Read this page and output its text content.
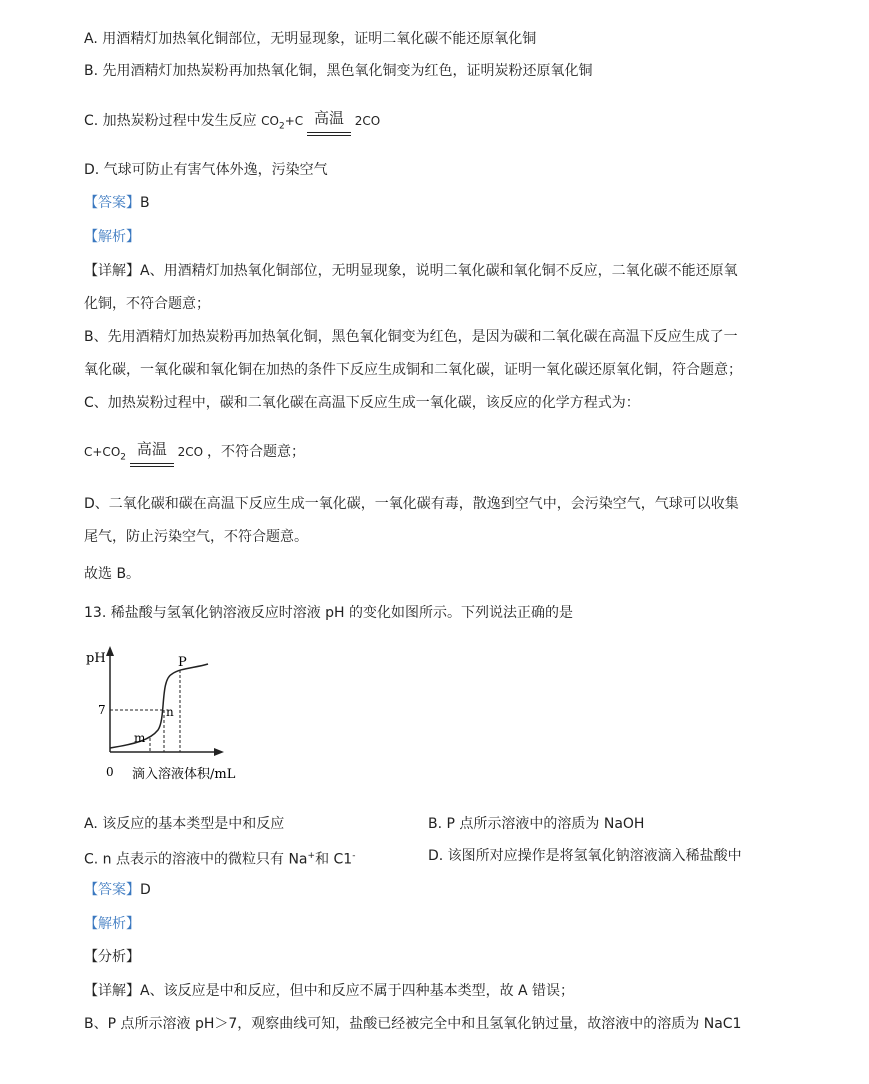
A. 用酒精灯加热氧化铜部位，无明显现象，证明二氧化碳不能还原氧化铜
B. 先用酒精灯加热炭粉再加热氧化铜，黑色氧化铜变为红色，证明炭粉还原氧化铜
C. 加热炭粉过程中发生反应 $CO_2+C$ 高温 2CO
D. 气球可防止有害气体外逸，污染空气
【答案】B
【解析】
【详解】A、用酒精灯加热氧化铜部位，无明显现象，说明二氧化碳和氧化铜不反应，二氧化碳不能还原氧
化铜，不符合题意；
B、先用酒精灯加热炭粉再加热氧化铜，黑色氧化铜变为红色，是因为碳和二氧化碳在高温下反应生成了一
氧化碳，一氧化碳和氧化铜在加热的条件下反应生成铜和二氧化碳，证明一氧化碳还原氧化铜，符合题意；
C、加热炭粉过程中，碳和二氧化碳在高温下反应生成一氧化碳，该反应的化学方程式为：
$C+CO_2$ 高温 2CO ，不符合题意；
D、二氧化碳和碳在高温下反应生成一氧化碳，一氧化碳有毒，散逸到空气中，会污染空气，气球可以收集
尾气，防止污染空气，不符合题意。
故选 B。
13. 稀盐酸与氢氧化钠溶液反应时溶液 pH 的变化如图所示。下列说法正确的是
pH
7
0 滴入溶液体积/mL
P
n
m
A. 该反应的基本类型是中和反应	B. P 点所示溶液中的溶质为 NaOH
C. n 点表示的溶液中的微粒只有 Na+和 C1-	D. 该图所对应操作是将氢氧化钠溶液滴入稀盐酸中
【答案】D
【解析】
【分析】
【详解】A、该反应是中和反应，但中和反应不属于四种基本类型，故 A 错误；
B、P 点所示溶液 pH＞7，观察曲线可知，盐酸已经被完全中和且氢氧化钠过量，故溶液中的溶质为 NaC1
